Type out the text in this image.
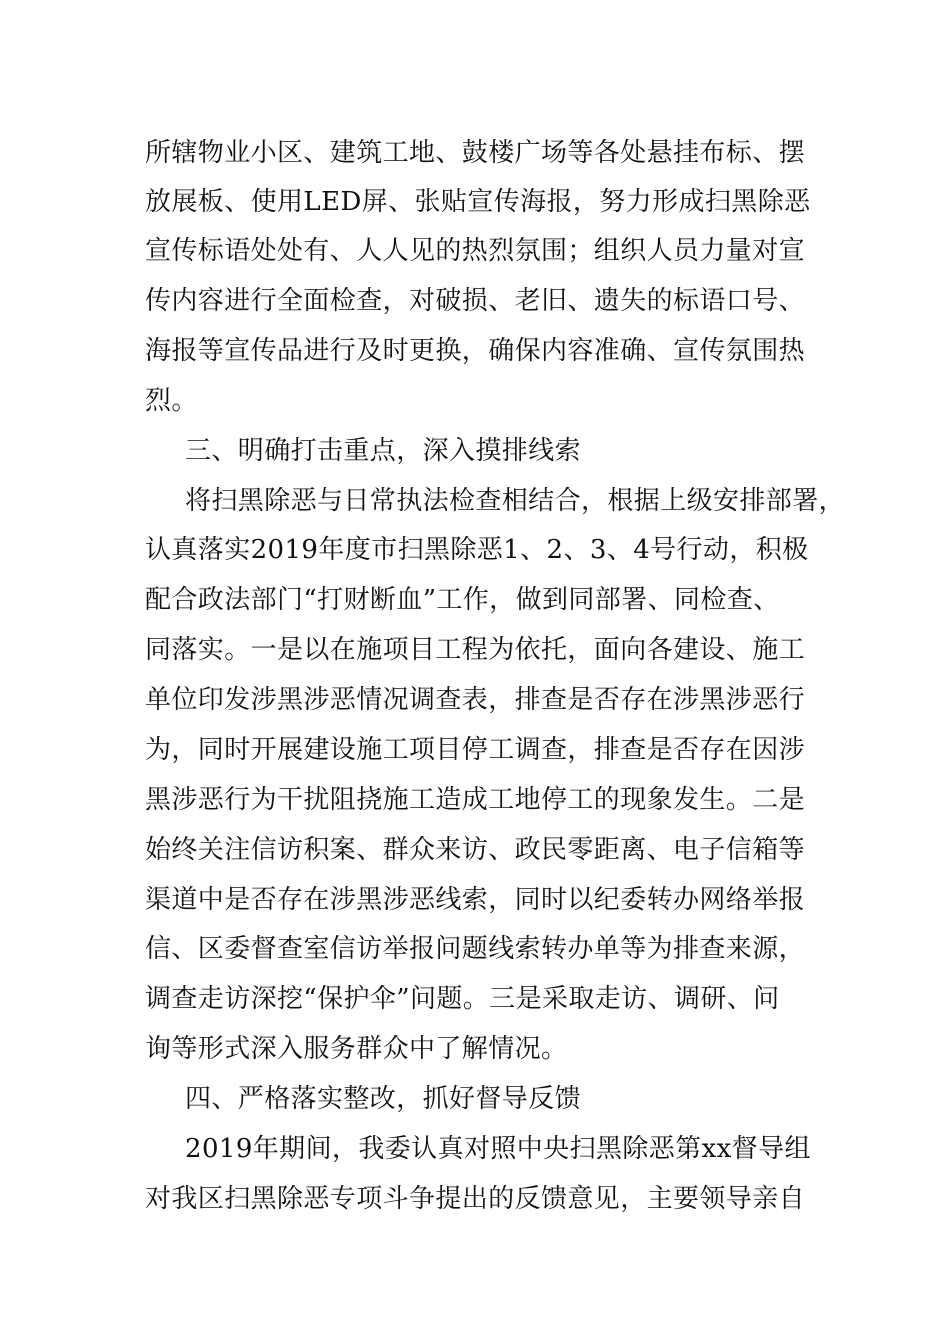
所辖物业小区、建筑工地、鼓楼广场等各处悬挂布标、摆
放展板、使用LED屏、张贴宣传海报，努力形成扫黑除恶
宣传标语处处有、人人见的热烈氛围；组织人员力量对宣
传内容进行全面检查，对破损、老旧、遗失的标语口号、
海报等宣传品进行及时更换，确保内容准确、宣传氛围热
烈。
三、明确打击重点，深入摸排线索
将扫黑除恶与日常执法检查相结合，根据上级安排部署，
认真落实2019年度市扫黑除恶1、2、3、4号行动，积极
配合政法部门“打财断血”工作，做到同部署、同检查、
同落实。一是以在施项目工程为依托，面向各建设、施工
单位印发涉黑涉恶情况调查表，排查是否存在涉黑涉恶行
为，同时开展建设施工项目停工调查，排查是否存在因涉
黑涉恶行为干扰阻挠施工造成工地停工的现象发生。二是
始终关注信访积案、群众来访、政民零距离、电子信箱等
渠道中是否存在涉黑涉恶线索，同时以纪委转办网络举报
信、区委督查室信访举报问题线索转办单等为排查来源，
调查走访深挖“保护伞”问题。三是采取走访、调研、问
询等形式深入服务群众中了解情况。
四、严格落实整改，抓好督导反馈
2019年期间，我委认真对照中央扫黑除恶第xx督导组
对我区扫黑除恶专项斗争提出的反馈意见，主要领导亲自
